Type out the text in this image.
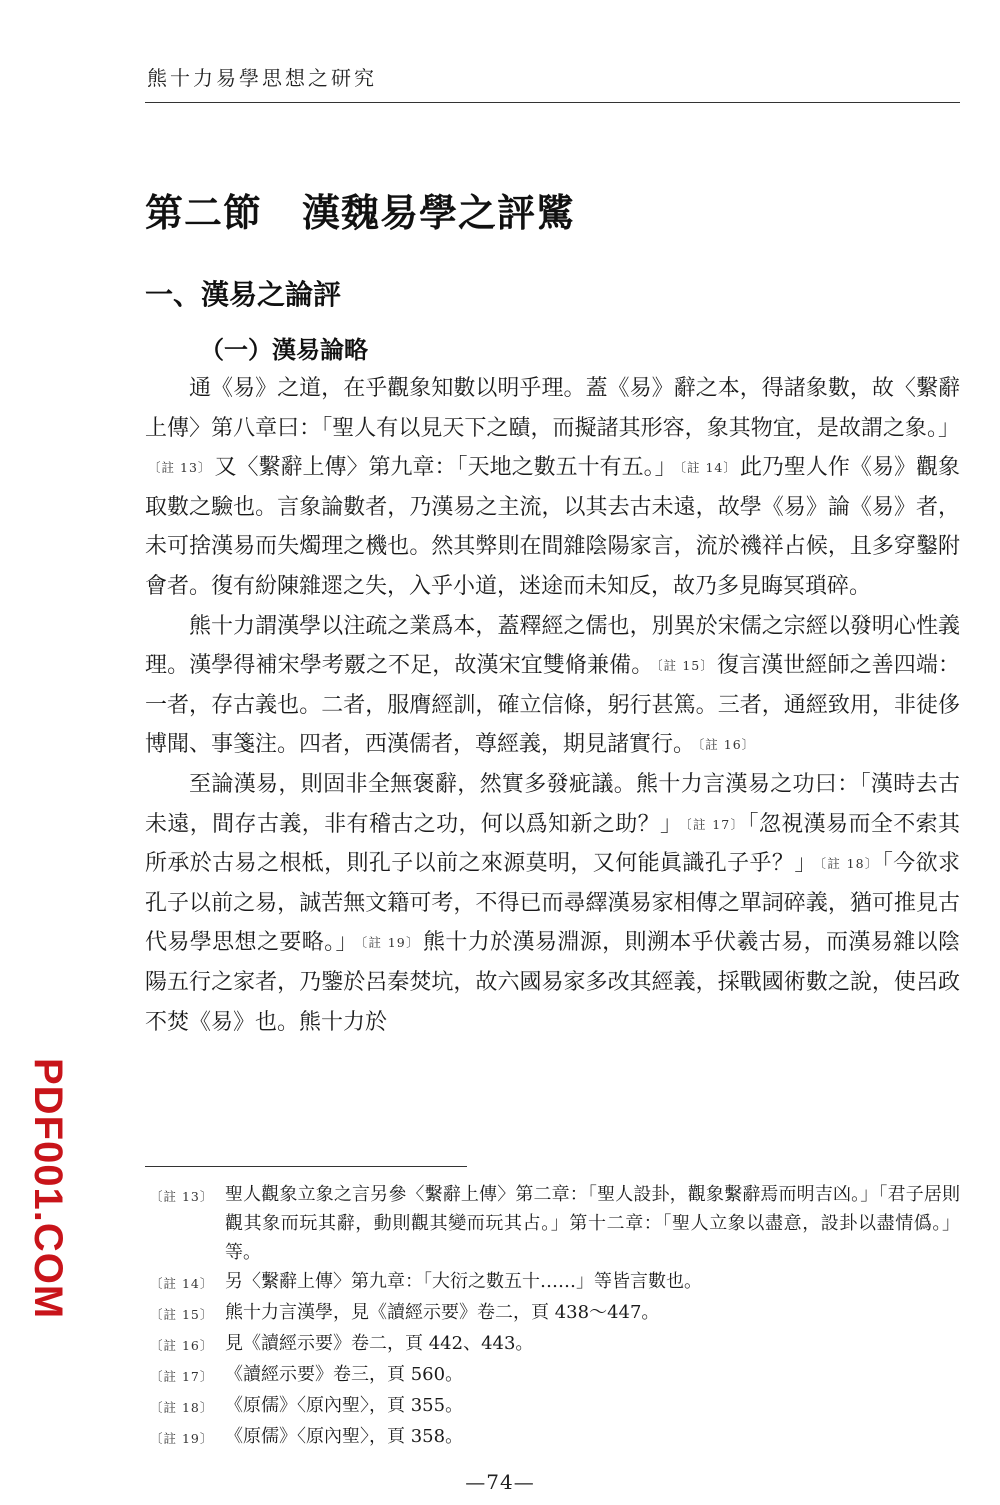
熊十力易學思想之研究
第二節 漢魏易學之評騭
一、漢易之論評
（一）漢易論略

通《易》之道，在乎觀象知數以明乎理。蓋《易》辭之本，得諸象數，故〈繫辭上傳〉第八章曰：「聖人有以見天下之賾，而擬諸其形容，象其物宜，是故謂之象。」〔註 13〕 又〈繫辭上傳〉第九章：「天地之數五十有五。」 〔註 14〕 此乃聖人作《易》觀象取數之驗也。言象論數者，乃漢易之主流，以其去古未遠，故學《易》論《易》者，未可捨漢易而失燭理之機也。然其弊則在間雜陰陽家言，流於禨祥占候，且多穿鑿附會者。復有紛陳雜遝之失，入乎小道，迷途而未知反，故乃多見晦冥瑣碎。

熊十力謂漢學以注疏之業爲本，蓋釋經之儒也，別異於宋儒之宗經以發明心性義理。漢學得補宋學考覈之不足，故漢宋宜雙脩兼備。 〔註 15〕 復言漢世經師之善四端：一者，存古義也。二者，服膺經訓，確立信條，躬行甚篤。三者，通經致用，非徒侈博聞、事箋注。四者，西漢儒者，尊經義，期見諸實行。 〔註 16〕

至論漢易，則固非全無褒辭，然實多發疵議。熊十力言漢易之功曰：「漢時去古未遠，間存古義，非有稽古之功，何以爲知新之助？」 〔註 17〕 「忽視漢易而全不索其所承於古易之根柢，則孔子以前之來源莫明，又何能眞識孔子乎？」 〔註 18〕 「今欲求孔子以前之易，誠苦無文籍可考，不得已而尋繹漢易家相傳之單詞碎義，猶可推見古代易學思想之要略。」 〔註 19〕 熊十力於漢易淵源，則溯本乎伏羲古易，而漢易雜以陰陽五行之家者，乃鑒於呂秦焚坑，故六國易家多改其經義，採戰國術數之說，使呂政不焚《易》也。熊十力於

〔註 13〕 聖人觀象立象之言另參〈繫辭上傳〉第二章：「聖人設卦，觀象繫辭焉而明吉凶。」「君子居則觀其象而玩其辭，動則觀其變而玩其占。」第十二章：「聖人立象以盡意，設卦以盡情僞。」等。
〔註 14〕 另〈繫辭上傳〉第九章：「大衍之數五十……」等皆言數也。
〔註 15〕 熊十力言漢學，見《讀經示要》卷二，頁 438～447。
〔註 16〕 見《讀經示要》卷二，頁 442、443。
〔註 17〕 《讀經示要》卷三，頁 560。
〔註 18〕 《原儒》〈原內聖〉，頁 355。
〔註 19〕 《原儒》〈原內聖〉，頁 358。
PDF001.COM
—74—
